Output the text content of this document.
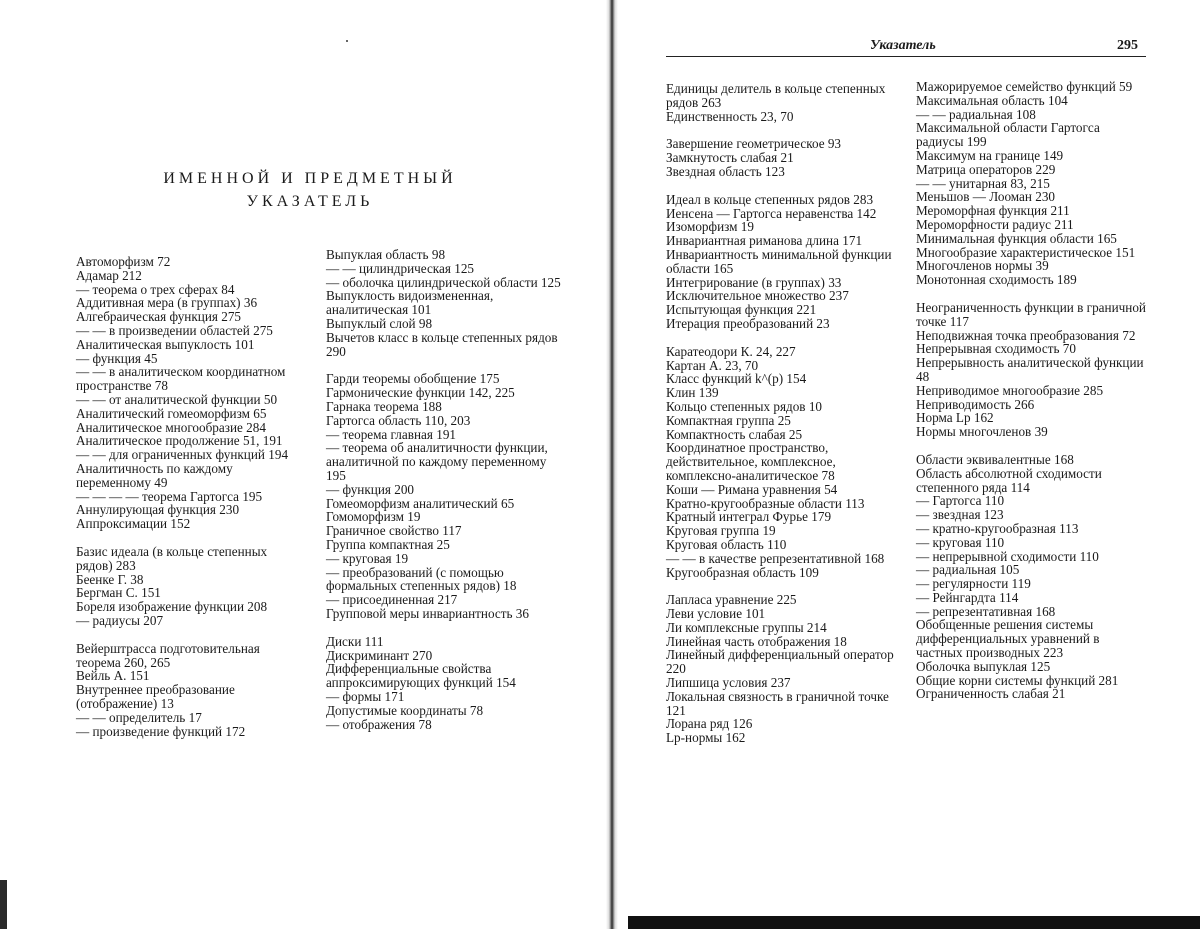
Указатель	295
ИМЕННОЙ И ПРЕДМЕТНЫЙ
УКАЗАТЕЛЬ

Автоморфизм 72

Адамар 212

— теорема о трех сферах 84

Аддитивная мера (в группах) 36

Алгебраическая функция 275

— — в произведении областей 275

Аналитическая выпуклость 101

— функция 45

— — в аналитическом координатном пространстве 78

— — от аналитической функции 50

Аналитический гомеоморфизм 65

Аналитическое многообразие 284

Аналитическое продолжение 51, 191

— — для ограниченных функций 194

Аналитичность по каждому переменному 49

— — — — теорема Гартогса 195

Аннулирующая функция 230

Аппроксимации 152

Базис идеала (в кольце степенных рядов) 283

Беенке Г. 38

Бергман С. 151

Бореля изображение функции 208

— радиусы 207

Вейерштрасса подготовительная теорема 260, 265

Вейль А. 151

Внутреннее преобразование (отображение) 13

— — определитель 17

— произведение функций 172

Выпуклая область 98

— — цилиндрическая 125

— оболочка цилиндрической области 125

Выпуклость видоизмененная, аналитическая 101

Выпуклый слой 98

Вычетов класс в кольце степенных рядов 290

Гарди теоремы обобщение 175

Гармонические функции 142, 225

Гарнака теорема 188

Гартогса область 110, 203

— теорема главная 191

— теорема об аналитичности функции, аналитичной по каждому переменному 195

— функция 200

Гомеоморфизм аналитический 65

Гомоморфизм 19

Граничное свойство 117

Группа компактная 25

— круговая 19

— преобразований (с помощью формальных степенных рядов) 18

— присоединенная 217

Групповой меры инвариантность 36

Диски 111

Дискриминант 270

Дифференциальные свойства аппроксимирующих функций 154

— формы 171

Допустимые координаты 78

— отображения 78

Единицы делитель в кольце степенных рядов 263

Единственность 23, 70

Завершение геометрическое 93

Замкнутость слабая 21

Звездная область 123

Идеал в кольце степенных рядов 283

Иенсена — Гартогса неравенства 142

Изоморфизм 19

Инвариантная риманова длина 171

Инвариантность минимальной функции области 165

Интегрирование (в группах) 33

Исключительное множество 237

Испытующая функция 221

Итерация преобразований 23

Каратеодори К. 24, 227

Картан А. 23, 70

Класс функций k^(p) 154

Клин 139

Кольцо степенных рядов 10

Компактная группа 25

Компактность слабая 25

Координатное пространство, действительное, комплексное, комплексно-аналитическое 78

Коши — Римана уравнения 54

Кратно-кругообразные области 113

Кратный интеграл Фурье 179

Круговая группа 19

Круговая область 110

— — в качестве репрезентативной 168

Кругообразная область 109

Лапласа уравнение 225

Леви условие 101

Ли комплексные группы 214

Линейная часть отображения 18

Линейный дифференциальный оператор 220

Липшица условия 237

Локальная связность в граничной точке 121

Лорана ряд 126

Lp-нормы 162

Мажорируемое семейство функций 59

Максимальная область 104

— — радиальная 108

Максимальной области Гартогса радиусы 199

Максимум на границе 149

Матрица операторов 229

— — унитарная 83, 215

Меньшов — Лооман 230

Мероморфная функция 211

Мероморфности радиус 211

Минимальная функция области 165

Многообразие характеристическое 151

Многочленов нормы 39

Монотонная сходимость 189

Неограниченность функции в граничной точке 117

Неподвижная точка преобразования 72

Непрерывная сходимость 70

Непрерывность аналитической функции 48

Неприводимое многообразие 285

Неприводимость 266

Норма Lp 162

Нормы многочленов 39

Области эквивалентные 168

Область абсолютной сходимости степенного ряда 114

— Гартогса 110

— звездная 123

— кратно-кругообразная 113

— круговая 110

— непрерывной сходимости 110

— радиальная 105

— регулярности 119

— Рейнгардта 114

— репрезентативная 168

Обобщенные решения системы дифференциальных уравнений в частных производных 223

Оболочка выпуклая 125

Общие корни системы функций 281

Ограниченность слабая 21
